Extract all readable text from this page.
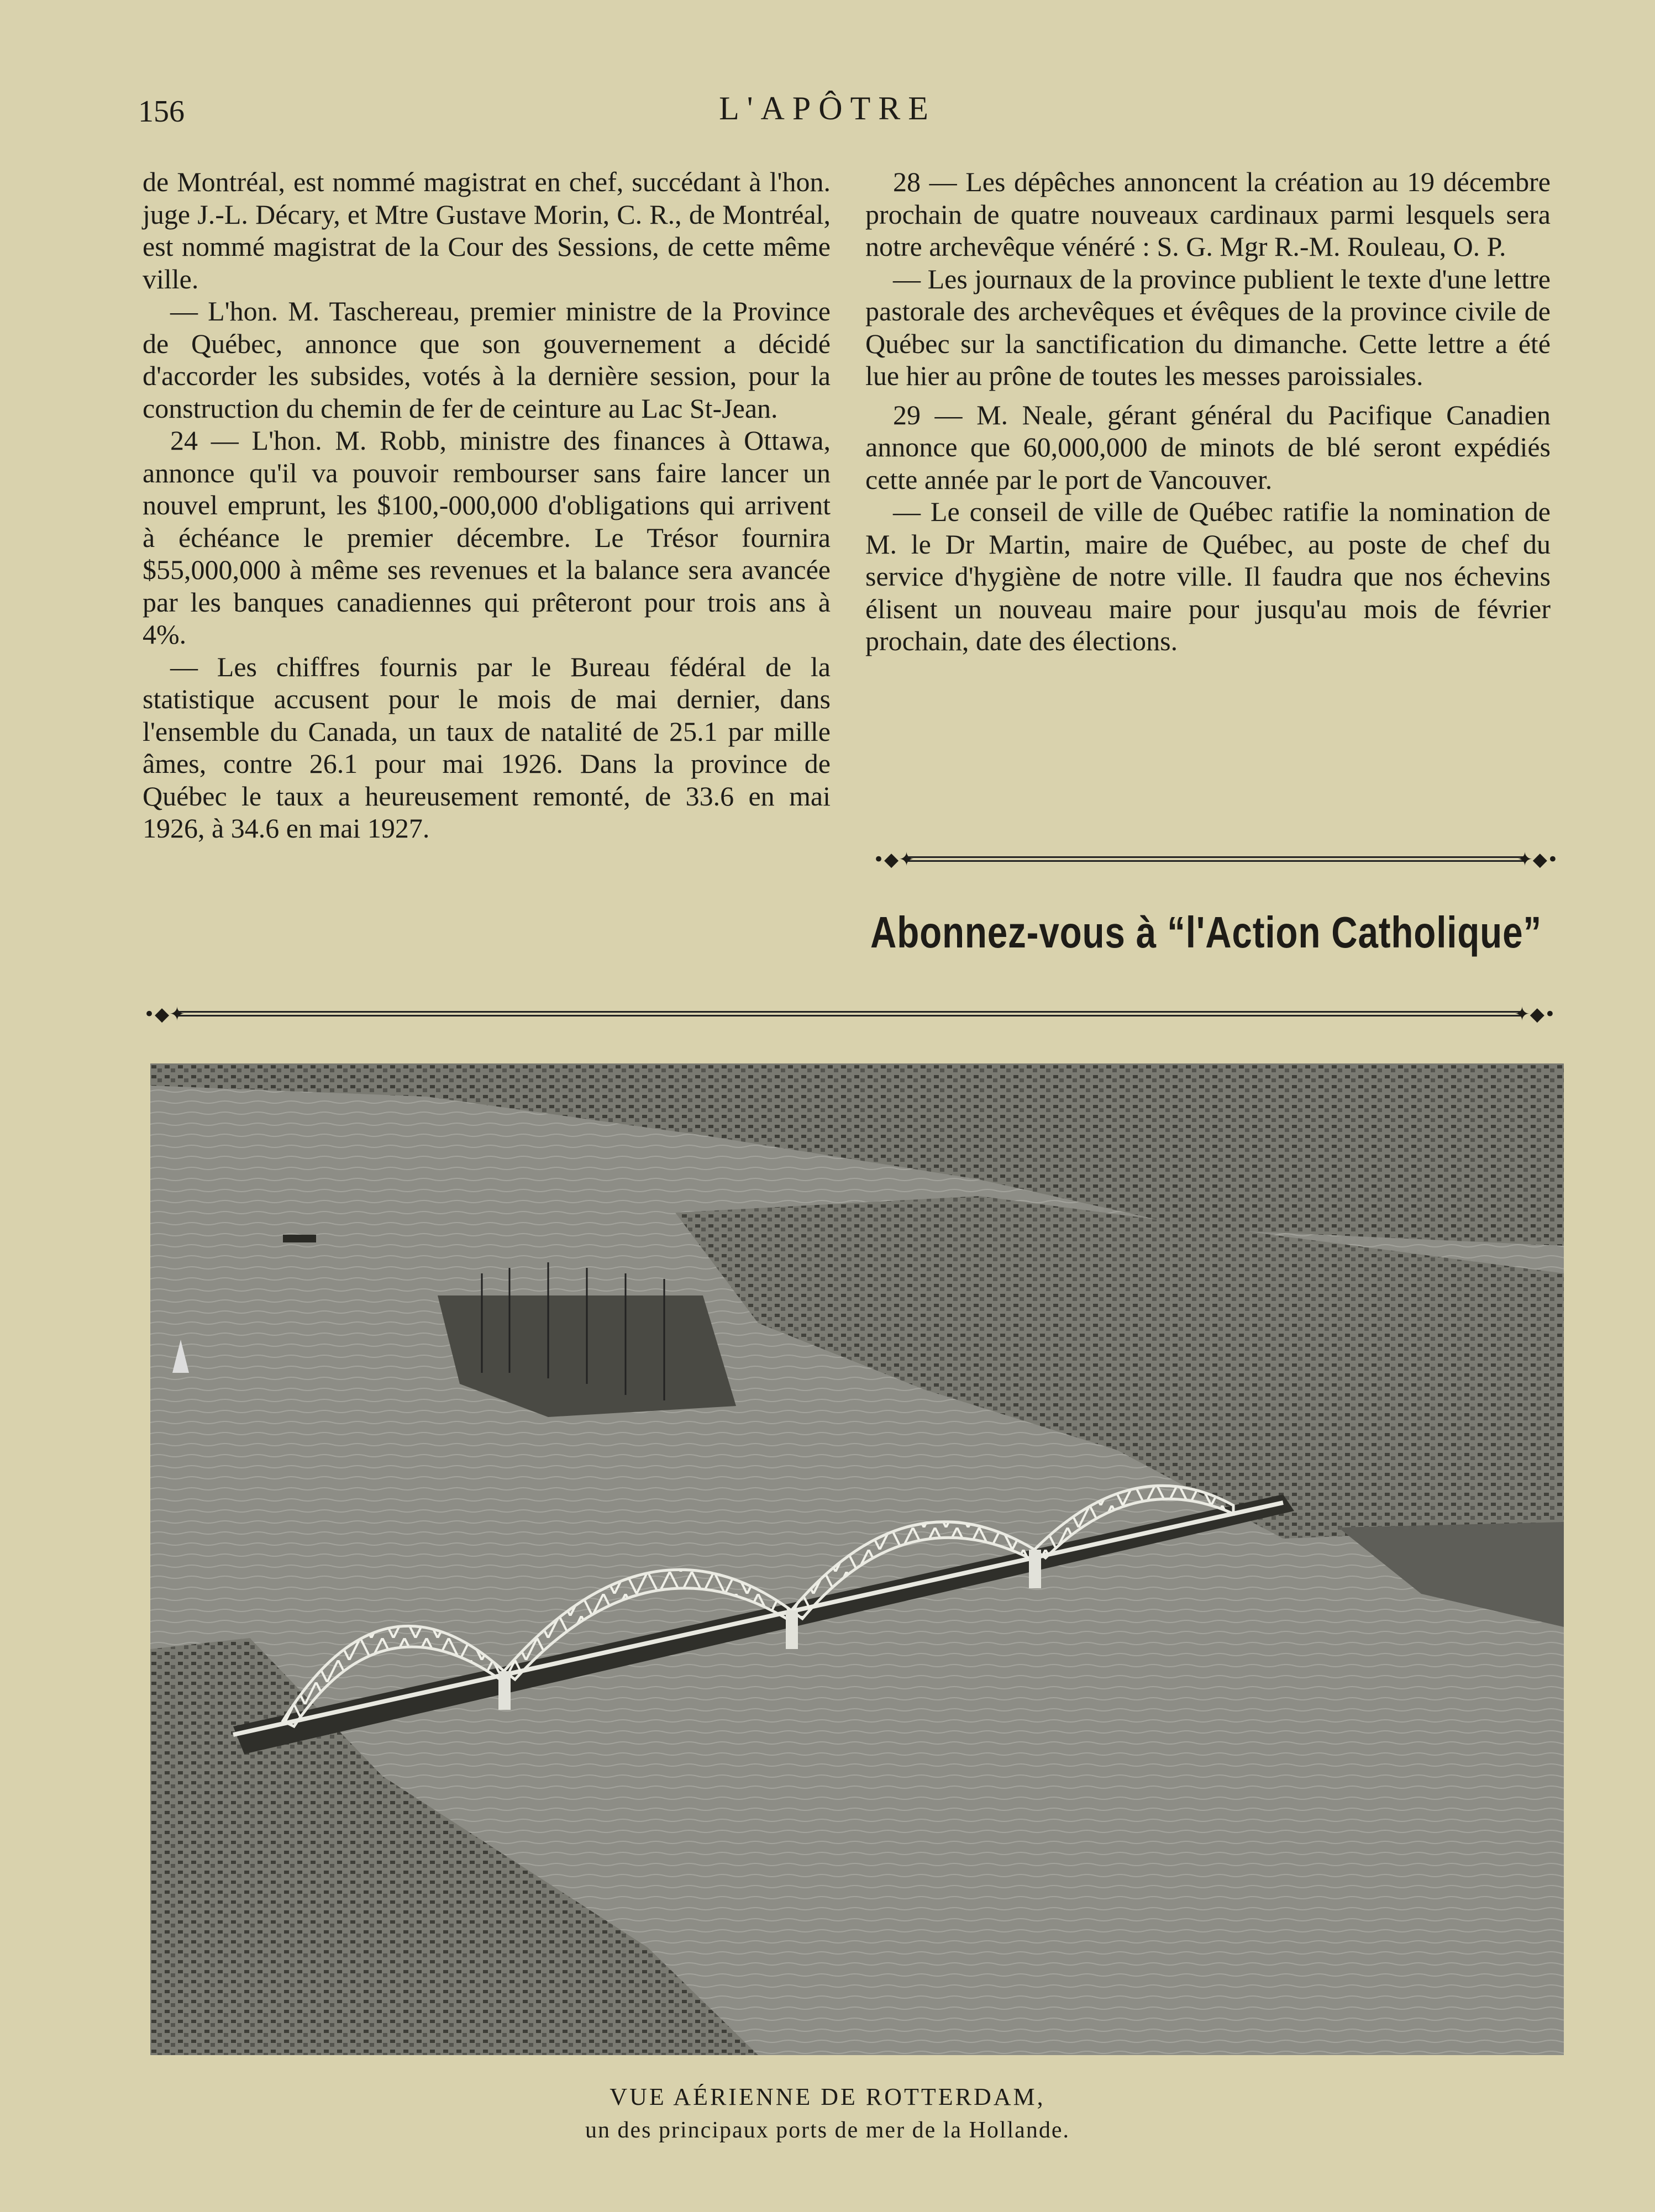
156	L'APÔTRE

de Montréal, est nommé magistrat en chef, succédant à l'hon. juge J.-L. Décary, et Mtre Gustave Morin, C. R., de Montréal, est nommé magistrat de la Cour des Sessions, de cette même ville.

— L'hon. M. Taschereau, premier ministre de la Province de Québec, annonce que son gouvernement a décidé d'accorder les subsides, votés à la dernière session, pour la construction du chemin de fer de ceinture au Lac St-Jean.

24 — L'hon. M. Robb, ministre des finances à Ottawa, annonce qu'il va pouvoir rembourser sans faire lancer un nouvel emprunt, les $100,-000,000 d'obligations qui arrivent à échéance le premier décembre. Le Trésor fournira $55,000,000 à même ses revenues et la balance sera avancée par les banques canadiennes qui prêteront pour trois ans à 4%.

— Les chiffres fournis par le Bureau fédéral de la statistique accusent pour le mois de mai dernier, dans l'ensemble du Canada, un taux de natalité de 25.1 par mille âmes, contre 26.1 pour mai 1926. Dans la province de Québec le taux a heureusement remonté, de 33.6 en mai 1926, à 34.6 en mai 1927.

28 — Les dépêches annoncent la création au 19 décembre prochain de quatre nouveaux cardinaux parmi lesquels sera notre archevêque vénéré : S. G. Mgr R.-M. Rouleau, O. P.

— Les journaux de la province publient le texte d'une lettre pastorale des archevêques et évêques de la province civile de Québec sur la sanctification du dimanche. Cette lettre a été lue hier au prône de toutes les messes paroissiales.

29 — M. Neale, gérant général du Pacifique Canadien annonce que 60,000,000 de minots de blé seront expédiés cette année par le port de Vancouver.

— Le conseil de ville de Québec ratifie la nomination de M. le Dr Martin, maire de Québec, au poste de chef du service d'hygiène de notre ville. Il faudra que nos échevins élisent un nouveau maire pour jusqu'au mois de février prochain, date des élections.

•◆✦	✦◆•
Abonnez-vous à “l'Action Catholique”
•◆✦	✦◆•
VUE AÉRIENNE DE ROTTERDAM,
un des principaux ports de mer de la Hollande.
